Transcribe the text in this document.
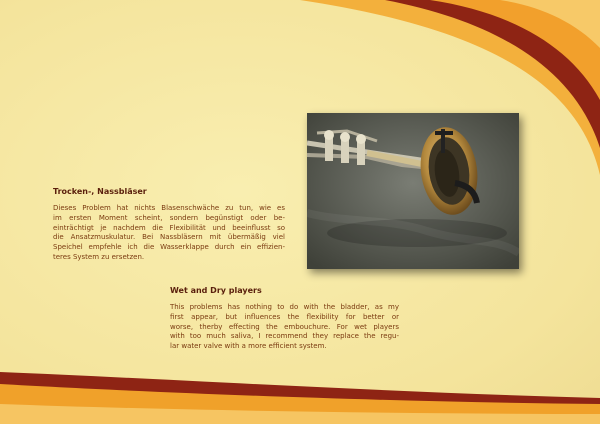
Trocken-, Nassbläser
Dieses Problem hat nichts Blasenschwäche zu tun, wie es
im ersten Moment scheint, sondern begünstigt oder be-
einträchtigt je nachdem die Flexibilität und beeinflusst so
die Ansatzmuskulatur. Bei Nassbläsern mit übermäßig viel
Speichel empfehle ich die Wasserklappe durch ein effizien-
teres System zu ersetzen.
Wet and Dry players
This problems has nothing to do with the bladder, as my
first appear, but influences the flexibility for better or
worse, therby effecting the embouchure. For wet players
with too much saliva, I recommend they replace the regu-
lar water valve with a more efficient system.
